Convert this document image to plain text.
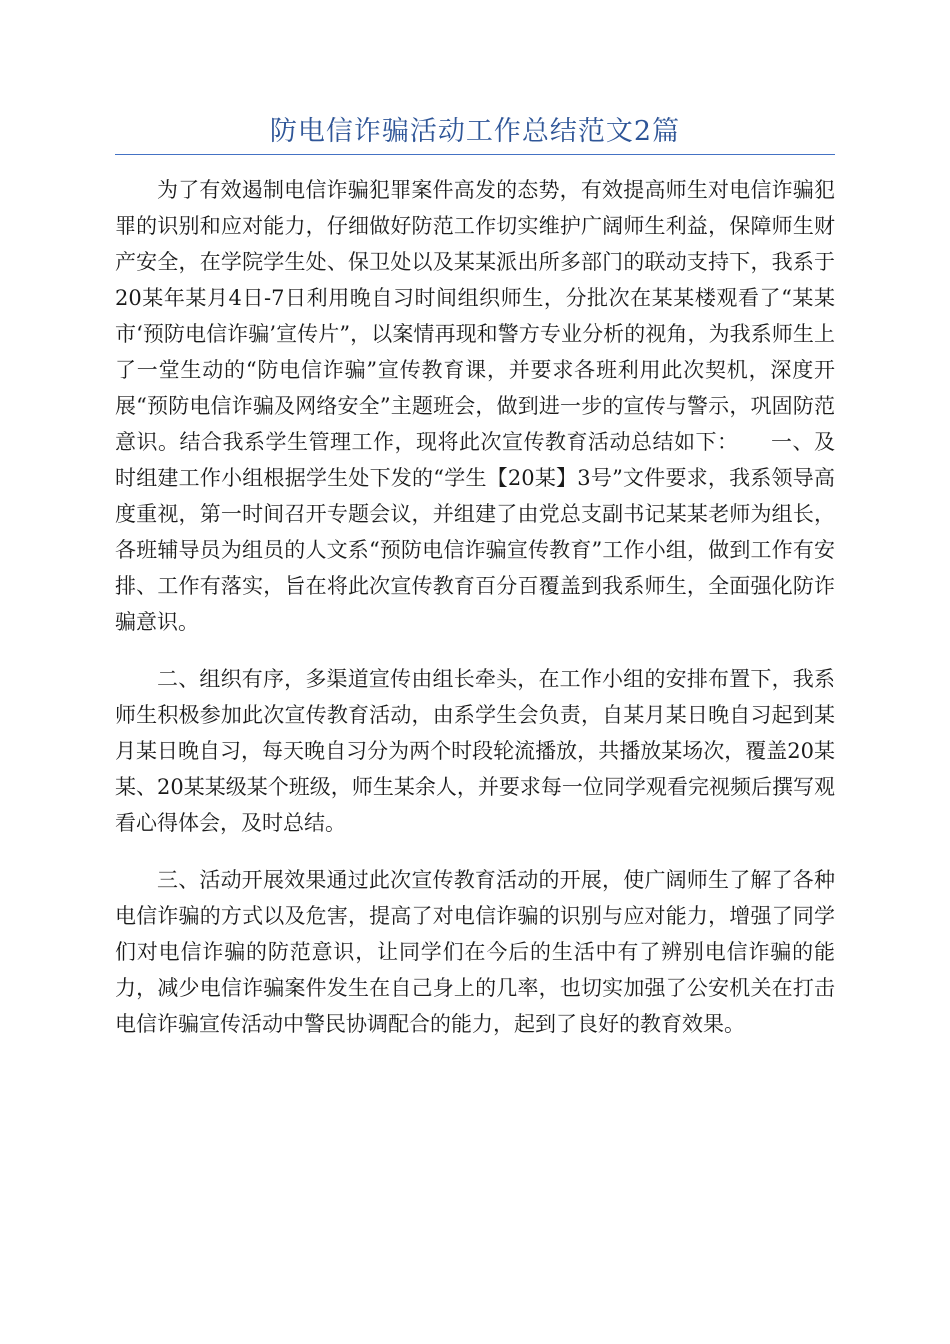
防电信诈骗活动工作总结范文2篇

为了有效遏制电信诈骗犯罪案件高发的态势，有效提高师生对电信诈骗犯罪的识别和应对能力，仔细做好防范工作切实维护广阔师生利益，保障师生财产安全，在学院学生处、保卫处以及某某派出所多部门的联动支持下，我系于20某年某月4日-7日利用晚自习时间组织师生，分批次在某某楼观看了“某某市‘预防电信诈骗’宣传片”，以案情再现和警方专业分析的视角，为我系师生上了一堂生动的“防电信诈骗”宣传教育课，并要求各班利用此次契机，深度开展“预防电信诈骗及网络安全”主题班会，做到进一步的宣传与警示，巩固防范意识。结合我系学生管理工作，现将此次宣传教育活动总结如下：　　一、及时组建工作小组根据学生处下发的“学生【20某】3号”文件要求，我系领导高度重视，第一时间召开专题会议，并组建了由党总支副书记某某老师为组长，各班辅导员为组员的人文系“预防电信诈骗宣传教育”工作小组，做到工作有安排、工作有落实，旨在将此次宣传教育百分百覆盖到我系师生，全面强化防诈骗意识。

二、组织有序，多渠道宣传由组长牵头，在工作小组的安排布置下，我系师生积极参加此次宣传教育活动，由系学生会负责，自某月某日晚自习起到某月某日晚自习，每天晚自习分为两个时段轮流播放，共播放某场次，覆盖20某某、20某某级某个班级，师生某余人，并要求每一位同学观看完视频后撰写观看心得体会，及时总结。

三、活动开展效果通过此次宣传教育活动的开展，使广阔师生了解了各种电信诈骗的方式以及危害，提高了对电信诈骗的识别与应对能力，增强了同学们对电信诈骗的防范意识，让同学们在今后的生活中有了辨别电信诈骗的能力，减少电信诈骗案件发生在自己身上的几率，也切实加强了公安机关在打击电信诈骗宣传活动中警民协调配合的能力，起到了良好的教育效果。
